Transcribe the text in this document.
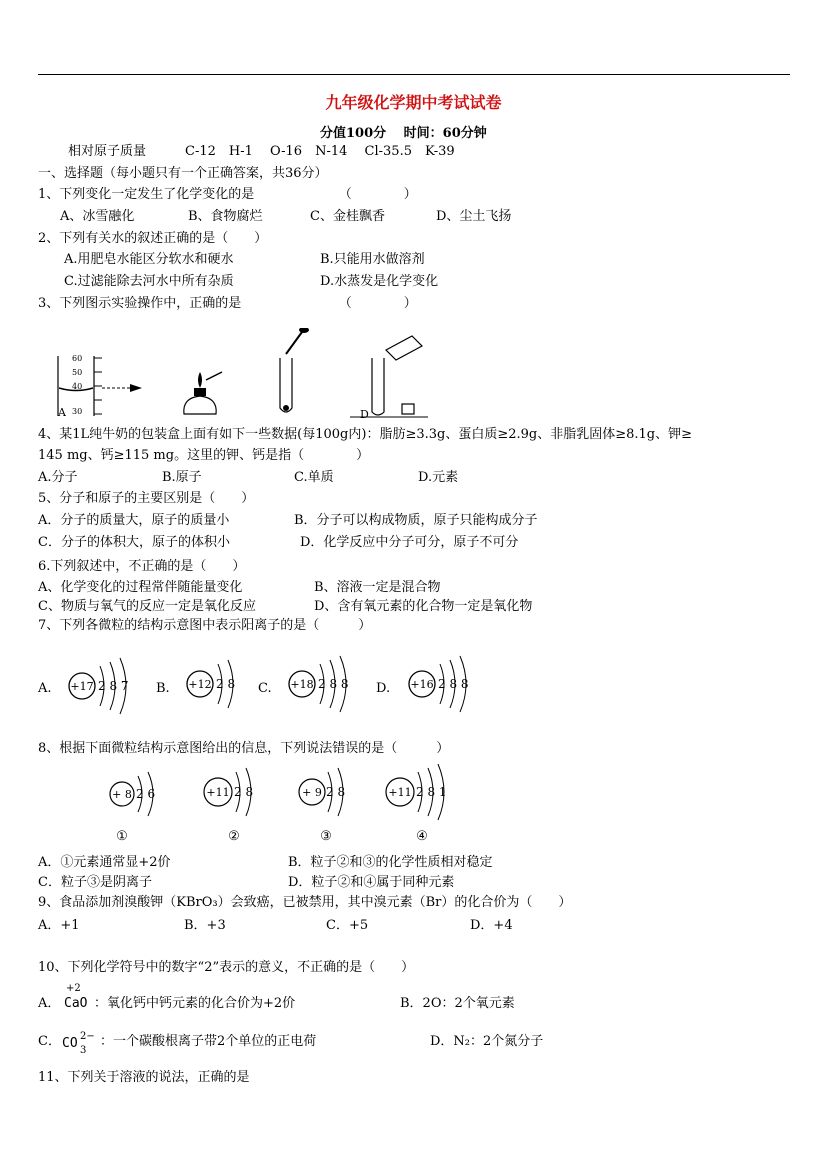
九年级化学期中考试试卷
分值100分　 时间：60分钟
相对原子质量　　　C-12　H-1　 O-16　N-14　 Cl-35.5　K-39
一、选择题（每小题只有一个正确答案，共36分）
1、下列变化一定发生了化学变化的是　　　　　　　（　　　　）
A、冰雪融化	B、食物腐烂	C、金桂飘香	D、尘土飞扬
2、下列有关水的叙述正确的是（　　）
A.用肥皂水能区分软水和硬水	B.只能用水做溶剂
C.过滤能除去河水中所有杂质	D.水蒸发是化学变化
3、下列图示实验操作中，正确的是　　　　　　　　（　　　　）
60
50
40
30
A	D
4、某1L纯牛奶的包装盒上面有如下一些数据(每100g内)：脂肪≥3.3g、蛋白质≥2.9g、非脂乳固体≥8.1g、钾≥
145 mg、钙≥115 mg。这里的钾、钙是指（　　　　）
A.分子	B.原子	C.单质	D.元素
5、分子和原子的主要区别是（　　）
A．分子的质量大，原子的质量小	B．分子可以构成物质，原子只能构成分子
C．分子的体积大，原子的体积小	D．化学反应中分子可分，原子不可分
6.下列叙述中，不正确的是（　　）
A、化学变化的过程常伴随能量变化	B、溶液一定是混合物
C、物质与氧气的反应一定是氧化反应	D、含有氧元素的化合物一定是氧化物
7、下列各微粒的结构示意图中表示阳离子的是（　　　）
A. +17 2 8 7 B. +12 2 8 C. +18 2 8 8 D. +16 2 8 8
8、根据下面微粒结构示意图给出的信息，下列说法错误的是（　　　）
+ 8 2 6
①
+11 2 8
②
+ 9 2 8
③
+11 2 8 1
④
A．①元素通常显+2价	B．粒子②和③的化学性质相对稳定
C．粒子③是阴离子	D．粒子②和④属于同种元素
9、食品添加剂溴酸钾（KBrO₃）会致癌，已被禁用，其中溴元素（Br）的化合价为（　　）
A．+1	B．+3	C．+5	D．+4
10、下列化学符号中的数字“2”表示的意义，不正确的是（　　）
A．
+2
CaO ：氧化钙中钙元素的化合价为+2价	B．2O：2个氧元素
C． CO 2−
3
：一个碳酸根离子带2个单位的正电荷	D．N₂：2个氮分子
11、下列关于溶液的说法，正确的是
